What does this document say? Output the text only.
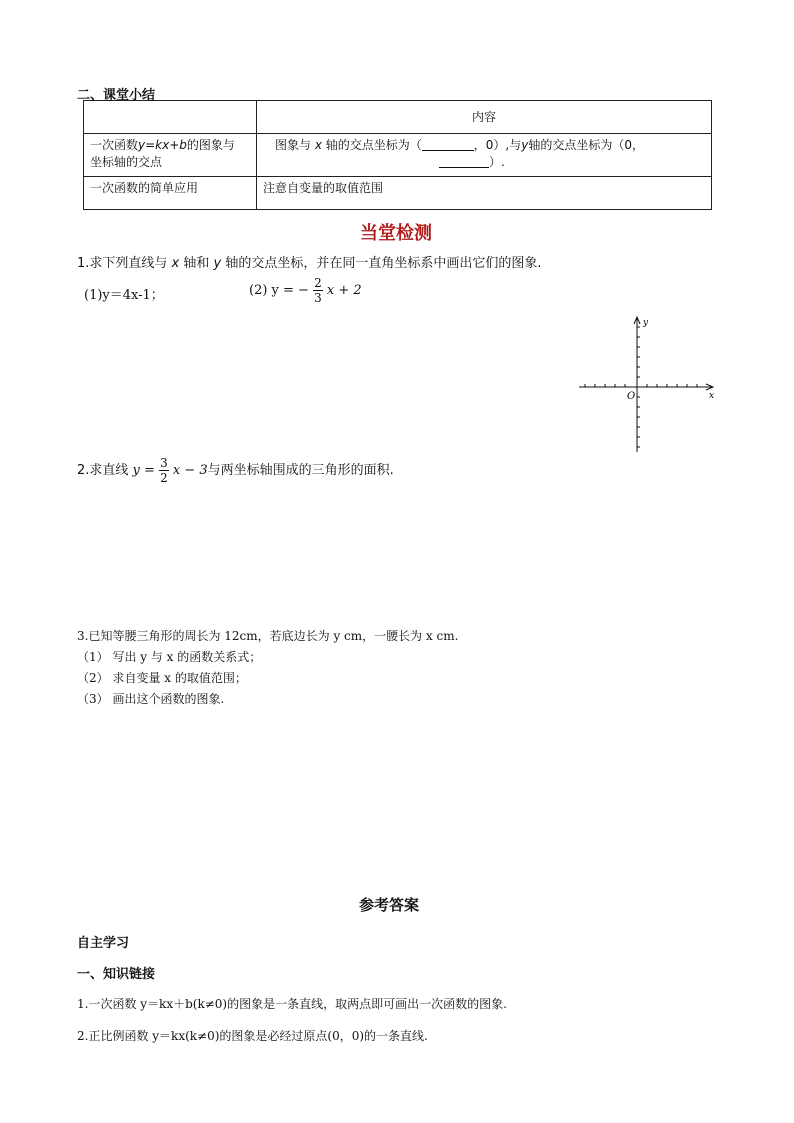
二、课堂小结
	内容
一次函数y=kx+b的图象与
坐标轴的交点	图象与 x 轴的交点坐标为（ ，0）,与y轴的交点坐标为（0，
）.
一次函数的简单应用	注意自变量的取值范围
当堂检测
1.求下列直线与 x 轴和 y 轴的交点坐标，并在同一直角坐标系中画出它们的图象.
(1)y＝4x-1；	(2) y = − $\frac{2}{3}$ x + 2
y
x
O
2.求直线 $y = \frac{3}{2}$ x − 3与两坐标轴围成的三角形的面积.
3.已知等腰三角形的周长为 12cm，若底边长为 y cm，一腰长为 x cm.
（1） 写出 y 与 x 的函数关系式；
（2） 求自变量 x 的取值范围；
（3） 画出这个函数的图象.
参考答案
自主学习
一、知识链接
1.一次函数 y＝kx＋b(k≠0)的图象是一条直线，取两点即可画出一次函数的图象.
2.正比例函数 y＝kx(k≠0)的图象是必经过原点(0，0)的一条直线.
